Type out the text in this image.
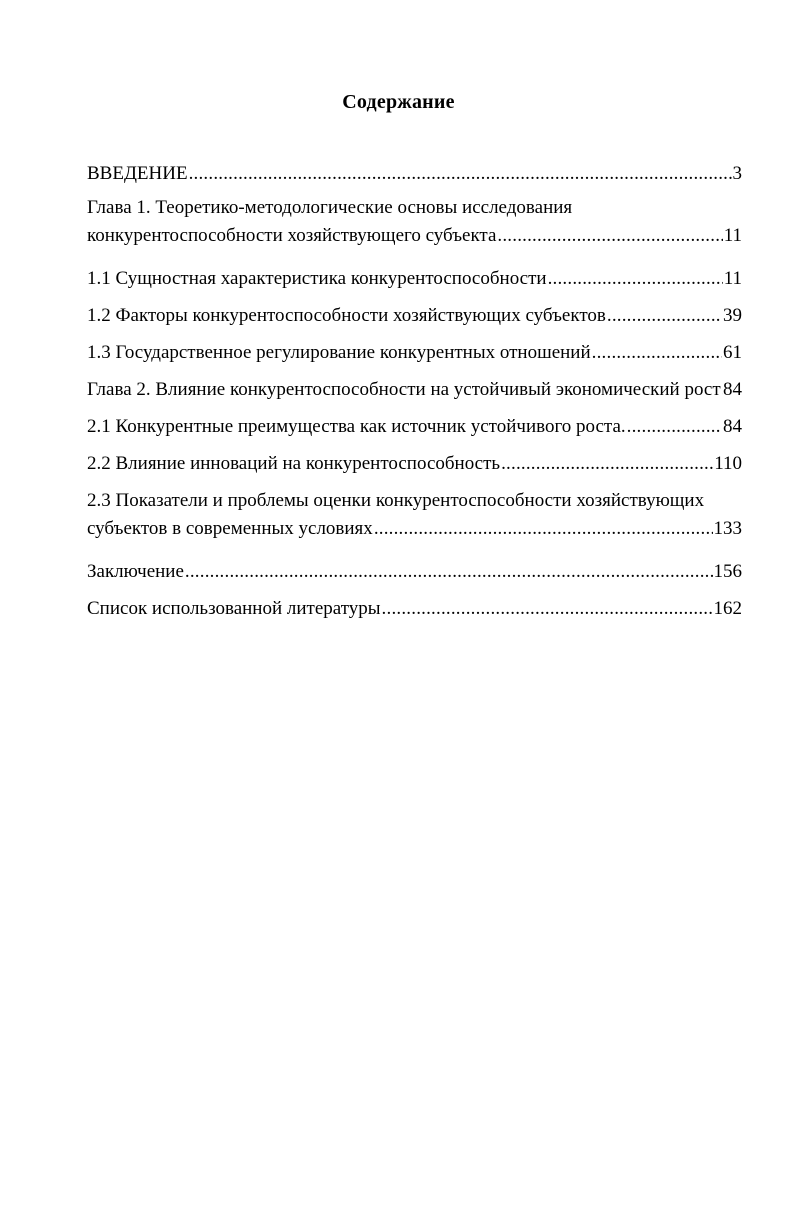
Содержание
ВВЕДЕНИЕ .....	3
Глава 1. Теоретико-методологические основы исследования
конкурентоспособности хозяйствующего субъекта .....	11
1.1 Сущностная характеристика конкурентоспособности .....	11
1.2 Факторы конкурентоспособности хозяйствующих субъектов .....	39
1.3 Государственное регулирование конкурентных отношений .....	61
Глава 2. Влияние конкурентоспособности на устойчивый экономический рост ..... 84
2.1 Конкурентные преимущества как источник устойчивого роста. .....	84
2.2 Влияние инноваций на конкурентоспособность .....	110
2.3 Показатели и проблемы оценки конкурентоспособности хозяйствующих
субъектов в современных условиях .....	133
Заключение .....	156
Список использованной литературы .....	162
